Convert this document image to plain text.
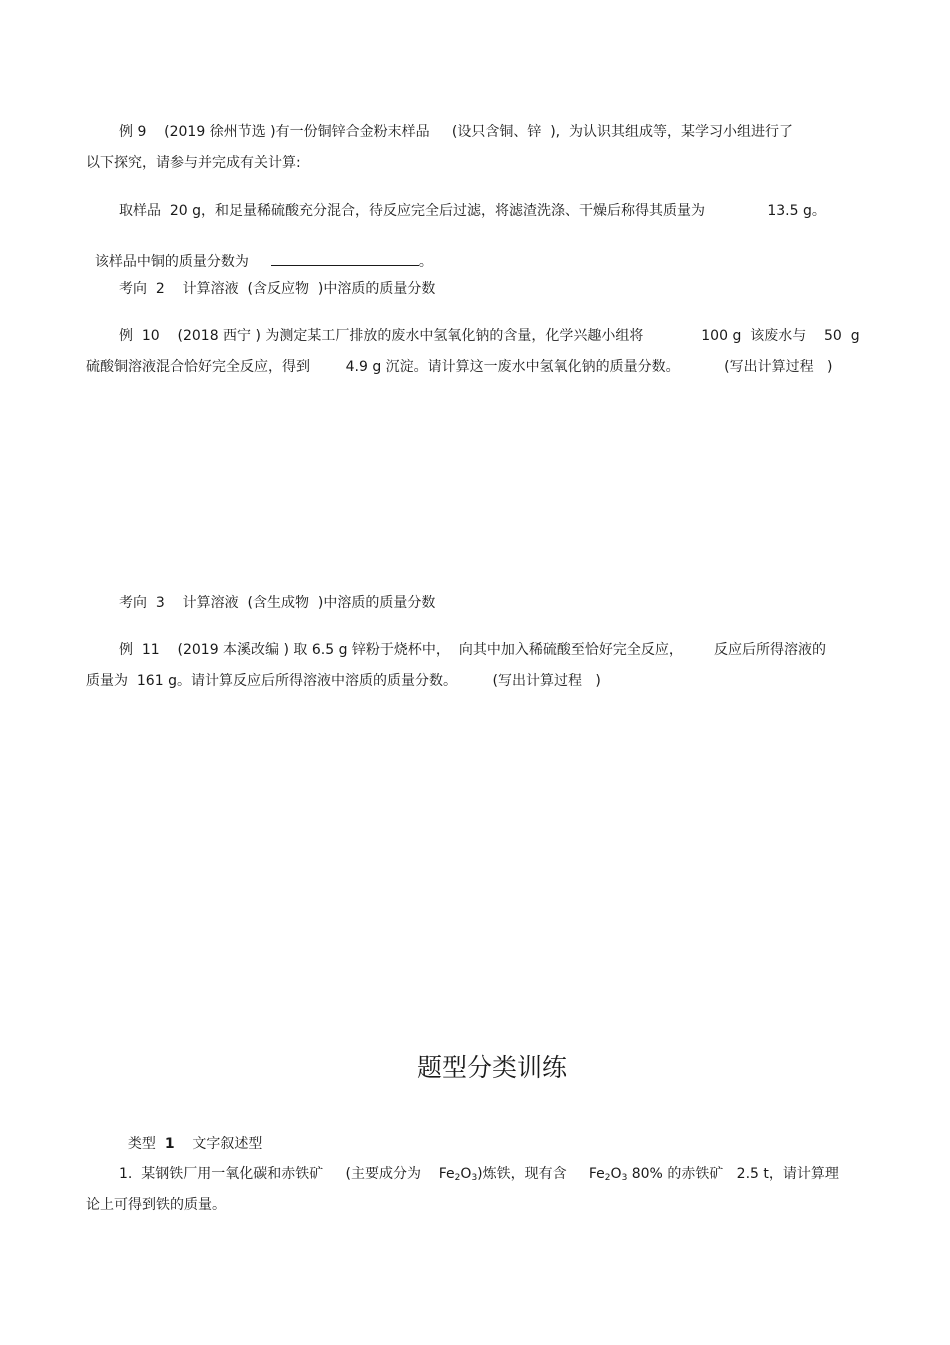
例 9    (2019 徐州节选 )有一份铜锌合金粉末样品     (设只含铜、锌  ),  为认识其组成等，某学习小组进行了
以下探究，请参与并完成有关计算:
取样品  20 g，和足量稀硫酸充分混合，待反应完全后过滤，将滤渣洗涤、干燥后称得其质量为              13.5 g。

该样品中铜的质量分数为	。

考向  2    计算溶液  (含反应物  )中溶质的质量分数
例  10    (2018 西宁 ) 为测定某工厂排放的废水中氢氧化钠的含量，化学兴趣小组将             100 g  该废水与    50  g
硫酸铜溶液混合恰好完全反应，得到        4.9 g 沉淀。请计算这一废水中氢氧化钠的质量分数。          (写出计算过程   )
考向  3    计算溶液  (含生成物  )中溶质的质量分数
例  11    (2019 本溪改编 ) 取 6.5 g 锌粉于烧杯中，  向其中加入稀硫酸至恰好完全反应，       反应后所得溶液的
质量为  161 g。请计算反应后所得溶液中溶质的质量分数。        (写出计算过程   )
题型分类训练

类型 1 文字叙述型

1.  某钢铁厂用一氧化碳和赤铁矿     (主要成分为    $Fe_2O_3$)炼铁，现有含     $Fe_2O_3$ 80% 的赤铁矿   2.5 t，请计算理
论上可得到铁的质量。
